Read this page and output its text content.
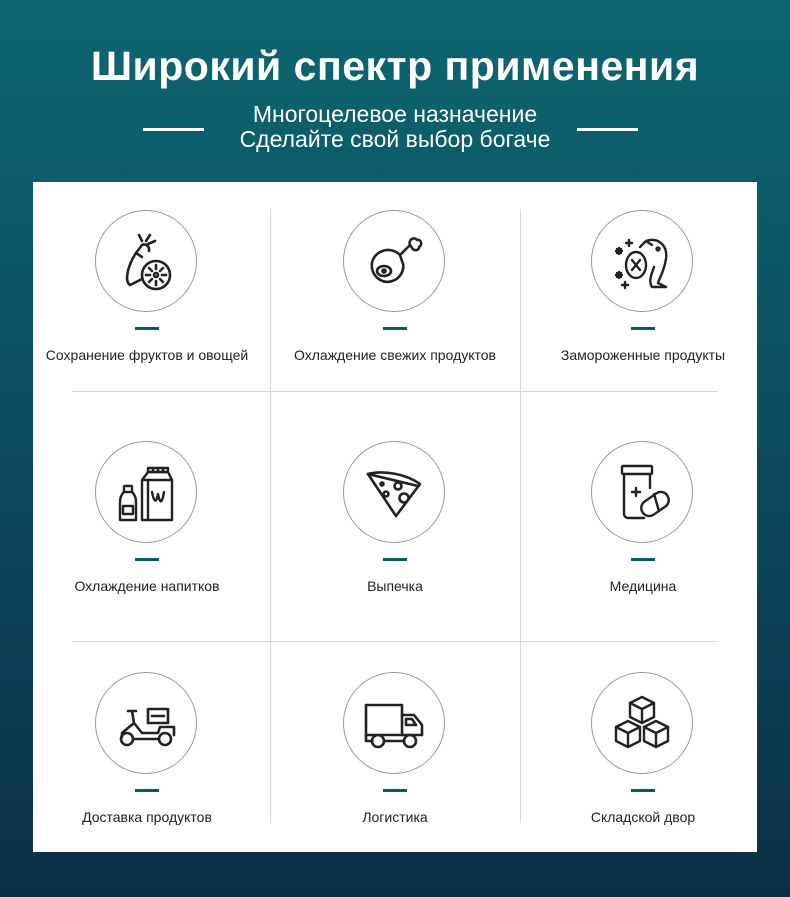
Широкий спектр применения
Многоцелевое назначение
Сделайте свой выбор богаче
Сохранение фруктов и овощей	Охлаждение свежих продуктов	Замороженные продукты
Охлаждение напитков	Выпечка	Медицина
Доставка продуктов	Логистика	Складской двор
